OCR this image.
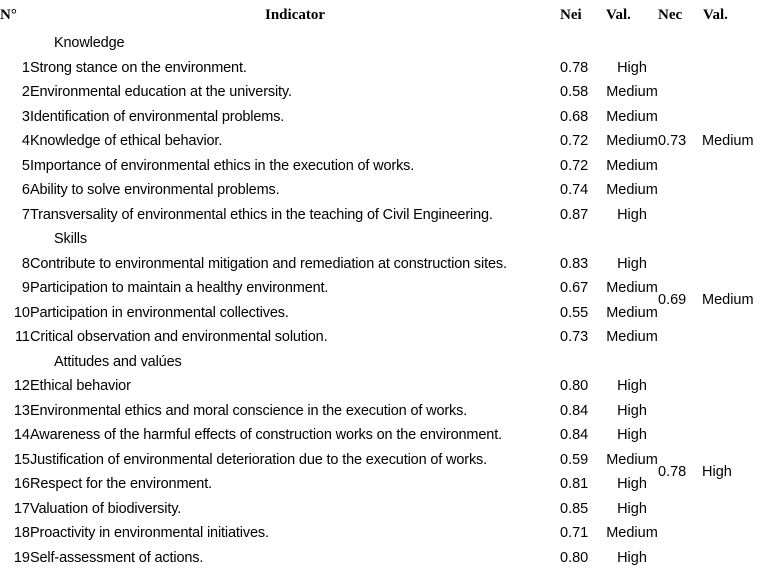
N°	Indicator	Nei	Val.	Nec	Val.
	Knowledge				
1	Strong stance on the environment.	0.78	High	0.73 Medium	
2	Environmental education at the university.	0.58	Medium		
3	Identification of environmental problems.	0.68	Medium		
4	Knowledge of ethical behavior.	0.72	Medium		
5	Importance of environmental ethics in the execution of works.	0.72	Medium		
6	Ability to solve environmental problems.	0.74	Medium		
7	Transversality of environmental ethics in the teaching of Civil Engineering.	0.87	High		
	Skills				
8	Contribute to environmental mitigation and remediation at construction sites.	0.83	High	0.69 Medium	
9	Participation to maintain a healthy environment.	0.67	Medium		
10	Participation in environmental collectives.	0.55	Medium		
11	Critical observation and environmental solution.	0.73	Medium		
	Attitudes and valúes				
12	Ethical behavior	0.80	High	0.78 High	
13	Environmental ethics and moral conscience in the execution of works.	0.84	High		
14	Awareness of the harmful effects of construction works on the environment.	0.84	High		
15	Justification of environmental deterioration due to the execution of works.	0.59	Medium		
16	Respect for the environment.	0.81	High		
17	Valuation of biodiversity.	0.85	High		
18	Proactivity in environmental initiatives.	0.71	Medium		
19	Self-assessment of actions.	0.80	High		
